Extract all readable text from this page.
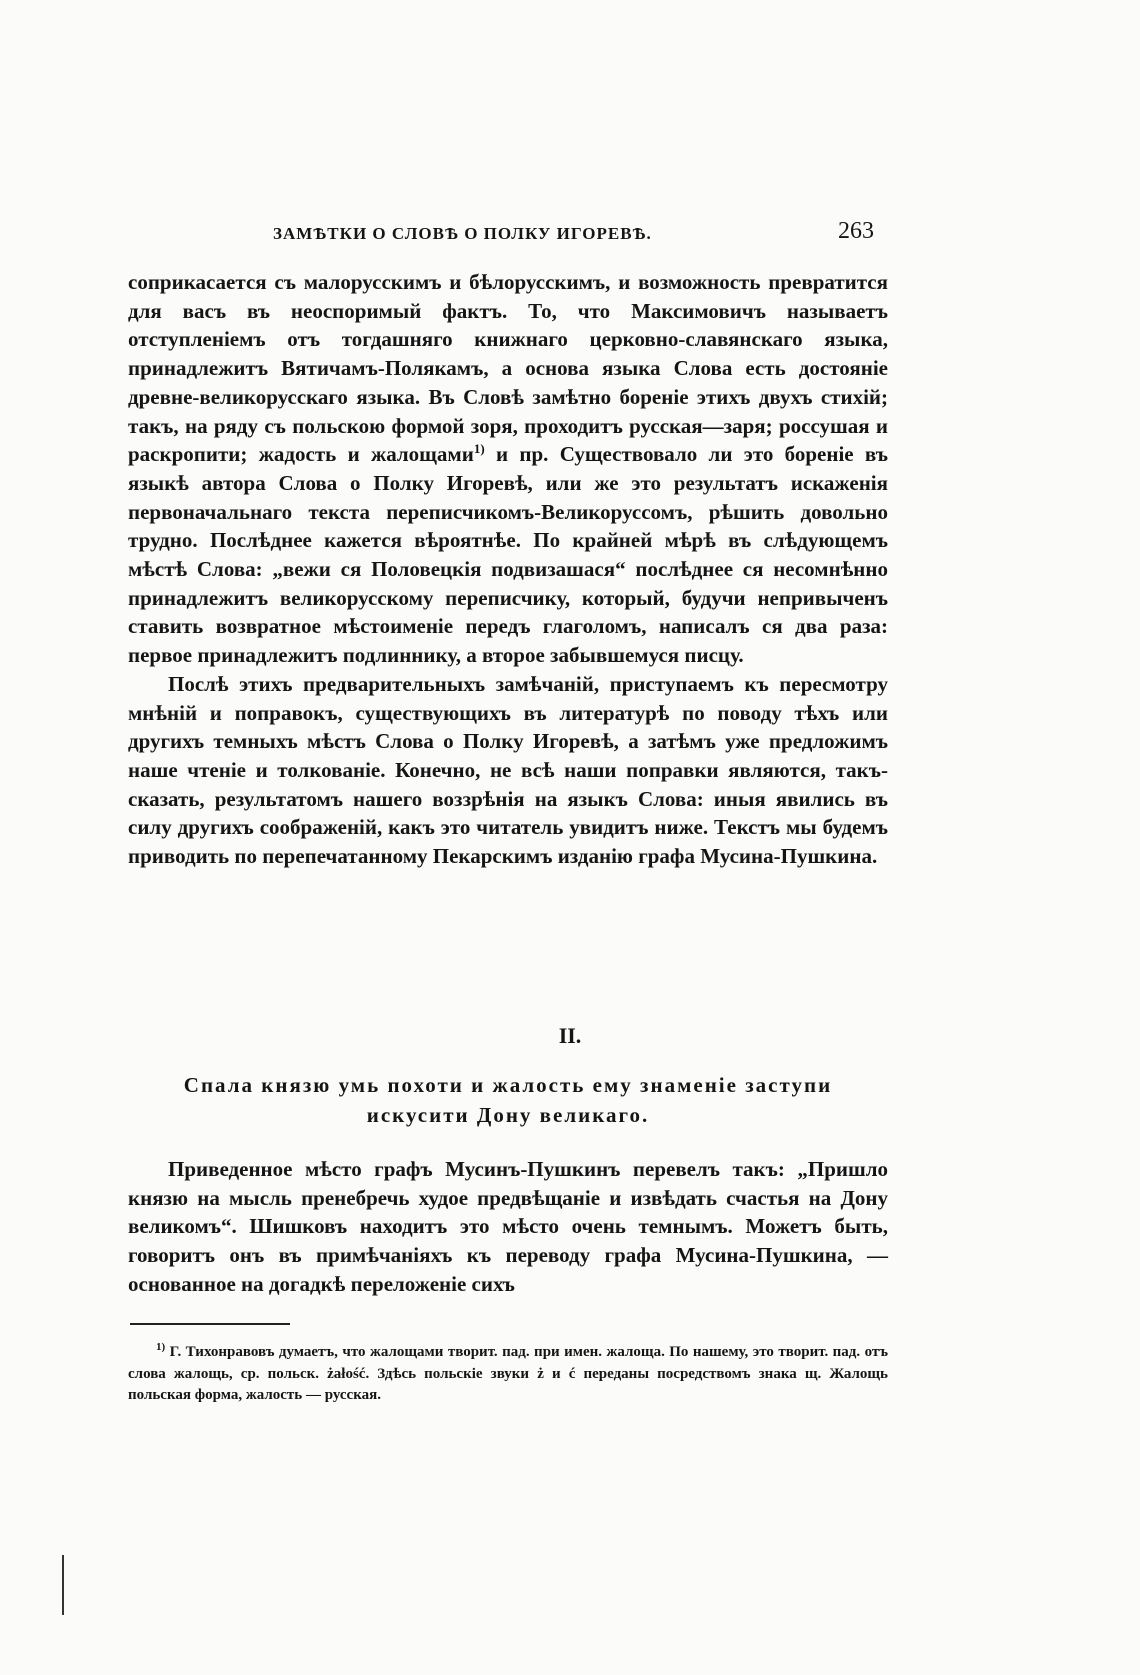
ЗАМѢТКИ О СЛОВѢ О ПОЛКУ ИГОРЕВѢ.	263

соприкасается съ малорусскимъ и бѣлорусскимъ, и возможность превратится для васъ въ неоспоримый фактъ. То, что Максимовичъ называетъ отступленіемъ отъ тогдашняго книжнаго церковно-славянскаго языка, принадлежитъ Вятичамъ-Полякамъ, а основа языка Слова есть достояніе древне-великорусскаго языка. Въ Словѣ замѣтно бореніе этихъ двухъ стихій; такъ, на ряду съ польскою формой зоря, проходитъ русская—заря; россушая и раскропити; жадость и жалощами$^{1)}$ и пр. Существовало ли это бореніе въ языкѣ автора Слова о Полку Игоревѣ, или же это результатъ искаженія первоначальнаго текста переписчикомъ-Великоруссомъ, рѣшить довольно трудно. Послѣднее кажется вѣроятнѣе. По крайней мѣрѣ въ слѣдующемъ мѣстѣ Слова: „вежи ся Половецкія подвизашася“ послѣднее ся несомнѣнно принадлежитъ великорусскому переписчику, который, будучи непривыченъ ставить возвратное мѣстоименіе передъ глаголомъ, написалъ ся два раза: первое принадлежитъ подлиннику, а второе забывшемуся писцу.

Послѣ этихъ предварительныхъ замѣчаній, приступаемъ къ пересмотру мнѣній и поправокъ, существующихъ въ литературѣ по поводу тѣхъ или другихъ темныхъ мѣстъ Слова о Полку Игоревѣ, а затѣмъ уже предложимъ наше чтеніе и толкованіе. Конечно, не всѣ наши поправки являются, такъ-сказать, результатомъ нашего воззрѣнія на языкъ Слова: иныя явились въ силу другихъ соображеній, какъ это читатель увидитъ ниже. Текстъ мы будемъ приводить по перепечатанному Пекарскимъ изданію графа Мусина-Пушкина.

II.
Спала князю умь похоти и жалость ему знаменіе заступи
искусити Дону великаго.

Приведенное мѣсто графъ Мусинъ-Пушкинъ перевелъ такъ: „Пришло князю на мысль пренебречь худое предвѣщаніе и извѣдать счастья на Дону великомъ“. Шишковъ находитъ это мѣсто очень темнымъ. Можетъ быть, говоритъ онъ въ примѣчаніяхъ къ переводу графа Мусина-Пушкина, — основанное на догадкѣ переложеніе сихъ

$^{1)}$ Г. Тихонравовъ думаетъ, что жалощами творит. пад. при имен. жалоща. По нашему, это творит. пад. отъ слова жалощь, ср. польск. żałość. Здѣсь польскіе звуки ż и ć переданы посредствомъ знака щ. Жалощь польская форма, жалость — русская.
